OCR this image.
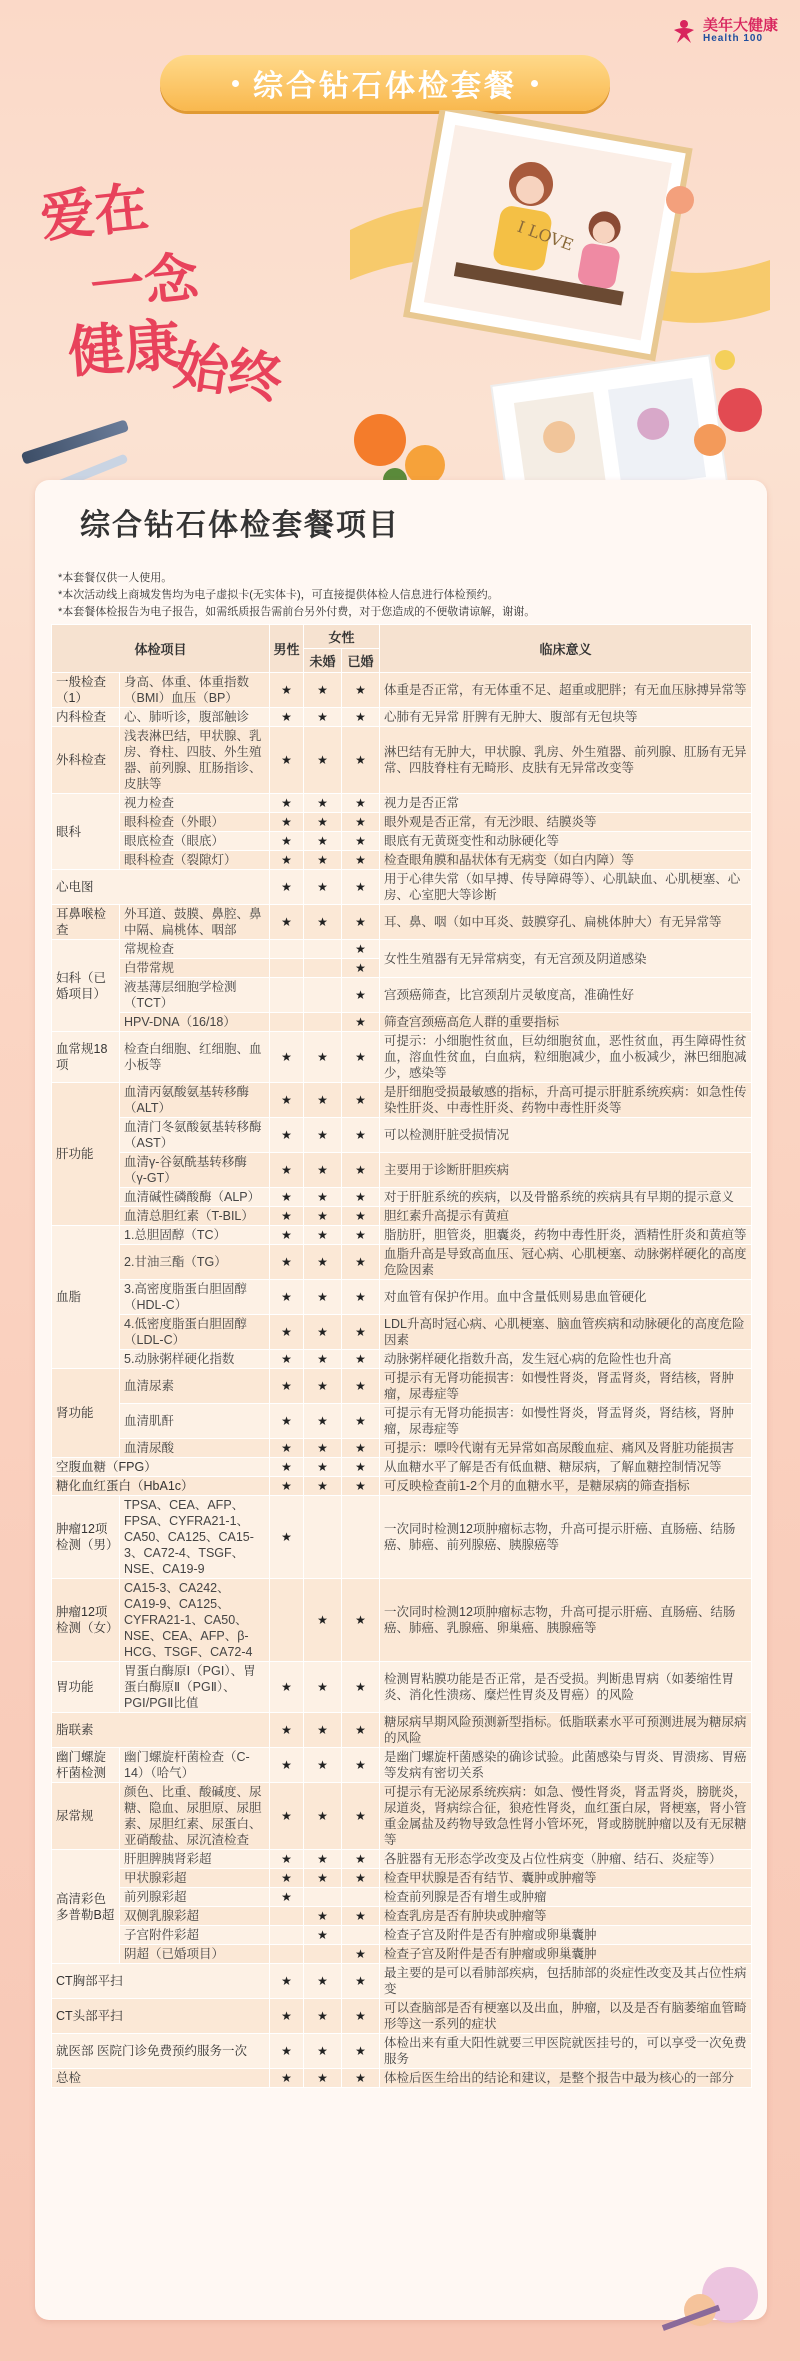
美年大健康
Health 100
综合钻石体检套餐
爱在
一念
健康
始终
I LOVE
综合钻石体检套餐项目
*本套餐仅供一人使用。
*本次活动线上商城发售均为电子虚拟卡(无实体卡)，可直接提供体检人信息进行体检预约。
*本套餐体检报告为电子报告，如需纸质报告需前台另外付费，对于您造成的不便敬请谅解，谢谢。
体检项目		男性	女性		临床意义
			未婚	已婚	
一般检查（1）	身高、体重、体重指数（BMI）血压（BP）	★	★	★	体重是否正常，有无体重不足、超重或肥胖；有无血压脉搏异常等
内科检查	心、肺听诊，腹部触诊	★	★	★	心肺有无异常 肝脾有无肿大、腹部有无包块等
外科检查	浅表淋巴结，甲状腺、乳房、脊柱、四肢、外生殖器、前列腺、肛肠指诊、皮肤等	★	★	★	淋巴结有无肿大，甲状腺、乳房、外生殖器、前列腺、肛肠有无异常、四肢脊柱有无畸形、皮肤有无异常改变等
眼科	视力检查	★	★	★	视力是否正常
	眼科检查（外眼）	★	★	★	眼外观是否正常，有无沙眼、结膜炎等
	眼底检查（眼底）	★	★	★	眼底有无黄斑变性和动脉硬化等
	眼科检查（裂隙灯）	★	★	★	检查眼角膜和晶状体有无病变（如白内障）等
心电图		★	★	★	用于心律失常（如早搏、传导障碍等）、心肌缺血、心肌梗塞、心房、心室肥大等诊断
耳鼻喉检查	外耳道、鼓膜、鼻腔、鼻中隔、扁桃体、咽部	★	★	★	耳、鼻、咽（如中耳炎、鼓膜穿孔、扁桃体肿大）有无异常等
妇科（已婚项目）	常规检查			★	女性生殖器有无异常病变，有无宫颈及阴道感染
	白带常规			★	
	液基薄层细胞学检测（TCT）			★	宫颈癌筛查，比宫颈刮片灵敏度高，准确性好
	HPV-DNA（16/18）			★	筛查宫颈癌高危人群的重要指标
血常规18项	检查白细胞、红细胞、血小板等	★	★	★	可提示：小细胞性贫血，巨幼细胞贫血，恶性贫血，再生障碍性贫血，溶血性贫血，白血病，粒细胞减少，血小板减少，淋巴细胞减少，感染等
肝功能	血清丙氨酸氨基转移酶（ALT）	★	★	★	是肝细胞受损最敏感的指标，升高可提示肝脏系统疾病：如急性传染性肝炎、中毒性肝炎、药物中毒性肝炎等
	血清门冬氨酸氨基转移酶（AST）	★	★	★	可以检测肝脏受损情况
	血清γ-谷氨酰基转移酶（γ-GT）	★	★	★	主要用于诊断肝胆疾病
	血清碱性磷酸酶（ALP）	★	★	★	对于肝脏系统的疾病，以及骨骼系统的疾病具有早期的提示意义
	血清总胆红素（T-BIL）	★	★	★	胆红素升高提示有黄疸
血脂	1.总胆固醇（TC）	★	★	★	脂肪肝，胆管炎，胆囊炎，药物中毒性肝炎，酒精性肝炎和黄疸等
	2.甘油三酯（TG）	★	★	★	血脂升高是导致高血压、冠心病、心肌梗塞、动脉粥样硬化的高度危险因素
	3.高密度脂蛋白胆固醇（HDL-C）	★	★	★	对血管有保护作用。血中含量低则易患血管硬化
	4.低密度脂蛋白胆固醇（LDL-C）	★	★	★	LDL升高时冠心病、心肌梗塞、脑血管疾病和动脉硬化的高度危险因素
	5.动脉粥样硬化指数	★	★	★	动脉粥样硬化指数升高，发生冠心病的危险性也升高
肾功能	血清尿素	★	★	★	可提示有无肾功能损害：如慢性肾炎，肾盂肾炎，肾结核，肾肿瘤，尿毒症等
	血清肌酐	★	★	★	可提示有无肾功能损害：如慢性肾炎，肾盂肾炎，肾结核，肾肿瘤，尿毒症等
	血清尿酸	★	★	★	可提示：嘌呤代谢有无异常如高尿酸血症、痛风及肾脏功能损害
空腹血糖（FPG）		★	★	★	从血糖水平了解是否有低血糖、糖尿病，了解血糖控制情况等
糖化血红蛋白（HbA1c）		★	★	★	可反映检查前1-2个月的血糖水平，是糖尿病的筛查指标
肿瘤12项检测（男）	TPSA、CEA、AFP、FPSA、CYFRA21-1、CA50、CA125、CA15-3、CA72-4、TSGF、NSE、CA19-9	★			一次同时检测12项肿瘤标志物，升高可提示肝癌、直肠癌、结肠癌、肺癌、前列腺癌、胰腺癌等
肿瘤12项检测（女）	CA15-3、CA242、CA19-9、CA125、CYFRA21-1、CA50、NSE、CEA、AFP、β-HCG、TSGF、CA72-4		★	★	一次同时检测12项肿瘤标志物，升高可提示肝癌、直肠癌、结肠癌、肺癌、乳腺癌、卵巢癌、胰腺癌等
胃功能	胃蛋白酶原Ⅰ（PGⅠ）、胃蛋白酶原Ⅱ（PGⅡ）、PGⅠ/PGⅡ比值	★	★	★	检测胃粘膜功能是否正常，是否受损。判断患胃病（如萎缩性胃炎、消化性溃疡、糜烂性胃炎及胃癌）的风险
脂联素		★	★	★	糖尿病早期风险预测新型指标。低脂联素水平可预测进展为糖尿病的风险
幽门螺旋杆菌检测	幽门螺旋杆菌检查（C-14）（哈气）	★	★	★	是幽门螺旋杆菌感染的确诊试验。此菌感染与胃炎、胃溃疡、胃癌等发病有密切关系
尿常规	颜色、比重、酸碱度、尿糖、隐血、尿胆原、尿胆素、尿胆红素、尿蛋白、亚硝酸盐、尿沉渣检查	★	★	★	可提示有无泌尿系统疾病：如急、慢性肾炎，肾盂肾炎，膀胱炎，尿道炎，肾病综合征，狼疮性肾炎，血红蛋白尿，肾梗塞，肾小管重金属盐及药物导致急性肾小管坏死，肾或膀胱肿瘤以及有无尿糖等
高清彩色多普勒B超	肝胆脾胰肾彩超	★	★	★	各脏器有无形态学改变及占位性病变（肿瘤、结石、炎症等）
	甲状腺彩超	★	★	★	检查甲状腺是否有结节、囊肿或肿瘤等
	前列腺彩超	★			检查前列腺是否有增生或肿瘤
	双侧乳腺彩超		★	★	检查乳房是否有肿块或肿瘤等
	子宫附件彩超		★		检查子宫及附件是否有肿瘤或卵巢囊肿
	阴超（已婚项目）			★	检查子宫及附件是否有肿瘤或卵巢囊肿
CT胸部平扫		★	★	★	最主要的是可以看肺部疾病，包括肺部的炎症性改变及其占位性病变
CT头部平扫		★	★	★	可以查脑部是否有梗塞以及出血，肿瘤，以及是否有脑萎缩血管畸形等这一系列的症状
就医部 医院门诊免费预约服务一次		★	★	★	体检出来有重大阳性就要三甲医院就医挂号的，可以享受一次免费服务
总检		★	★	★	体检后医生给出的结论和建议，是整个报告中最为核心的一部分
